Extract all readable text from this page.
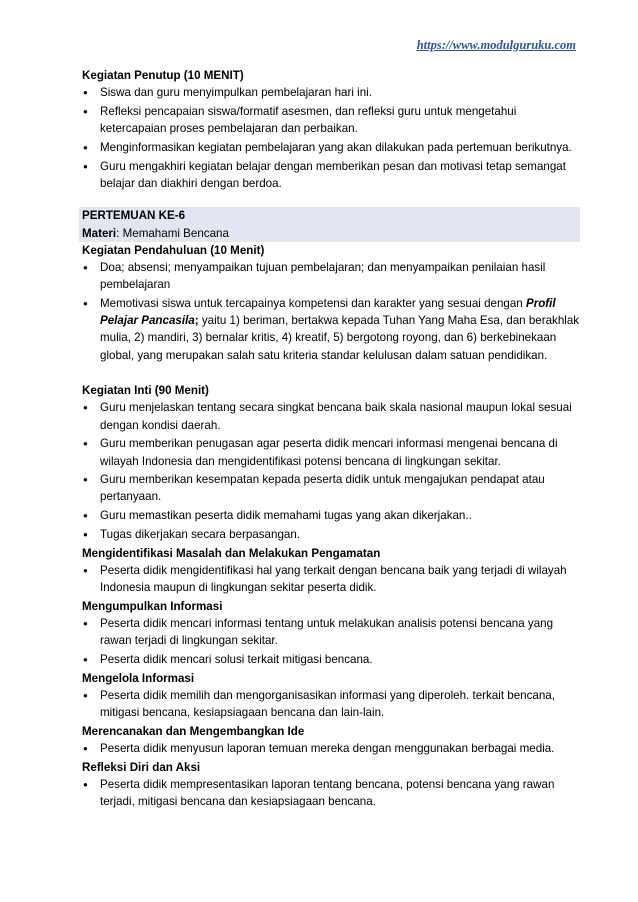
https://www.modulguruku.com

Kegiatan Penutup (10 MENIT)

● Siswa dan guru menyimpulkan pembelajaran hari ini.
● Refleksi pencapaian siswa/formatif asesmen, dan refleksi guru untuk mengetahui ketercapaian proses pembelajaran dan perbaikan.
● Menginformasikan kegiatan pembelajaran yang akan dilakukan pada pertemuan berikutnya.
● Guru mengakhiri kegiatan belajar dengan memberikan pesan dan motivasi tetap semangat belajar dan diakhiri dengan berdoa.
PERTEMUAN KE-6
Materi: Memahami Bencana

Kegiatan Pendahuluan (10 Menit)

● Doa; absensi; menyampaikan tujuan pembelajaran; dan menyampaikan penilaian hasil pembelajaran
● Memotivasi siswa untuk tercapainya kompetensi dan karakter yang sesuai dengan Profil Pelajar Pancasila; yaitu 1) beriman, bertakwa kepada Tuhan Yang Maha Esa, dan berakhlak mulia, 2) mandiri, 3) bernalar kritis, 4) kreatif, 5) bergotong royong, dan 6) berkebinekaan global, yang merupakan salah satu kriteria standar kelulusan dalam satuan pendidikan.

Kegiatan Inti (90 Menit)

● Guru menjelaskan tentang secara singkat bencana baik skala nasional maupun lokal sesuai dengan kondisi daerah.
● Guru memberikan penugasan agar peserta didik mencari informasi mengenai bencana di wilayah Indonesia dan mengidentifikasi potensi bencana di lingkungan sekitar.
● Guru memberikan kesempatan kepada peserta didik untuk mengajukan pendapat atau pertanyaan.
● Guru memastikan peserta didik memahami tugas yang akan dikerjakan..
● Tugas dikerjakan secara berpasangan.

Mengidentifikasi Masalah dan Melakukan Pengamatan

● Peserta didik mengidentifikasi hal yang terkait dengan bencana baik yang terjadi di wilayah Indonesia maupun di lingkungan sekitar peserta didik.

Mengumpulkan Informasi

● Peserta didik mencari informasi tentang untuk melakukan analisis potensi bencana yang rawan terjadi di lingkungan sekitar.
● Peserta didik mencari solusi terkait mitigasi bencana.

Mengelola Informasi

● Peserta didik memilih dan mengorganisasikan informasi yang diperoleh. terkait bencana, mitigasi bencana, kesiapsiagaan bencana dan lain-lain.

Merencanakan dan Mengembangkan Ide

● Peserta didik menyusun laporan temuan mereka dengan menggunakan berbagai media.

Refleksi Diri dan Aksi

● Peserta didik mempresentasikan laporan tentang bencana, potensi bencana yang rawan terjadi, mitigasi bencana dan kesiapsiagaan bencana.
